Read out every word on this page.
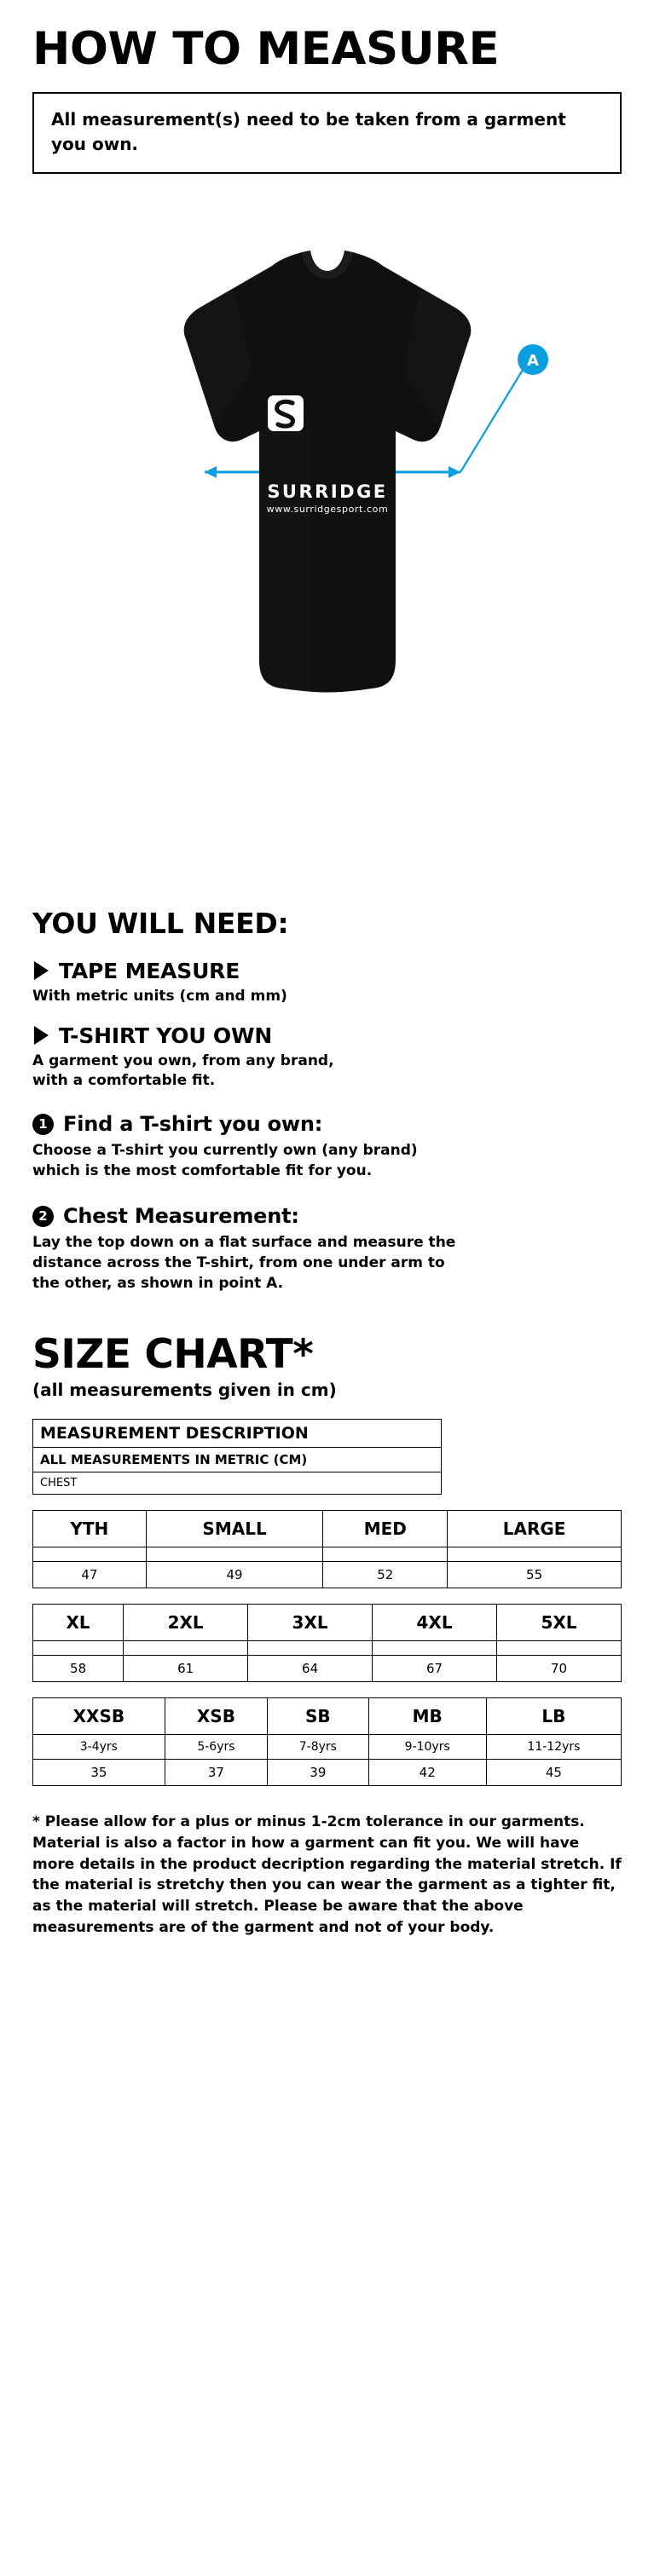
HOW TO MEASURE
All measurement(s) need to be taken from a garment you own.
SURRIDGE
www.surridgesport.com
A
YOU WILL NEED:
TAPE MEASURE
With metric units (cm and mm)
T-SHIRT YOU OWN
A garment you own, from any brand,
with a comfortable fit.
1 Find a T-shirt you own:
Choose a T-shirt you currently own (any brand)
which is the most comfortable fit for you.
2 Chest Measurement:
Lay the top down on a flat surface and measure the
distance across the T-shirt, from one under arm to
the other, as shown in point A.
SIZE CHART*
(all measurements given in cm)
MEASUREMENT DESCRIPTION
ALL MEASUREMENTS IN METRIC (CM)
CHEST
YTH	SMALL	MED	LARGE

47	49	52	55
XL	2XL	3XL	4XL	5XL

58	61	64	67	70
XXSB	XSB	SB	MB	LB
3-4yrs	5-6yrs	7-8yrs	9-10yrs	11-12yrs
35	37	39	42	45
* Please allow for a plus or minus 1-2cm tolerance in our garments. Material is also a factor in how a garment can fit you. We will have more details in the product decription regarding the material stretch. If the material is stretchy then you can wear the garment as a tighter fit, as the material will stretch. Please be aware that the above measurements are of the garment and not of your body.
